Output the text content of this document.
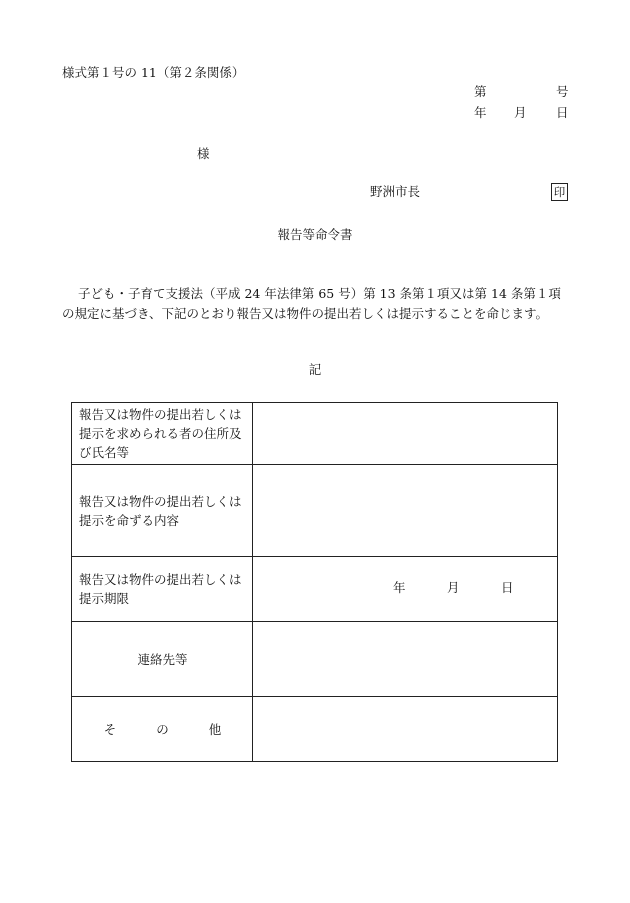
様式第１号の 11（第２条関係）
第	号
年 月 日
様
野洲市長	印
報告等命令書
子ども・子育て支援法（平成 24 年法律第 65 号）第 13 条第１項又は第 14 条第１項
の規定に基づき、下記のとおり報告又は物件の提出若しくは提示することを命じます。
記
報告又は物件の提出若しくは提示を求められる者の住所及び氏名等	
報告又は物件の提出若しくは提示を命ずる内容	
報告又は物件の提出若しくは提示期限	年 月 日

連絡先等	
そ の 他	
